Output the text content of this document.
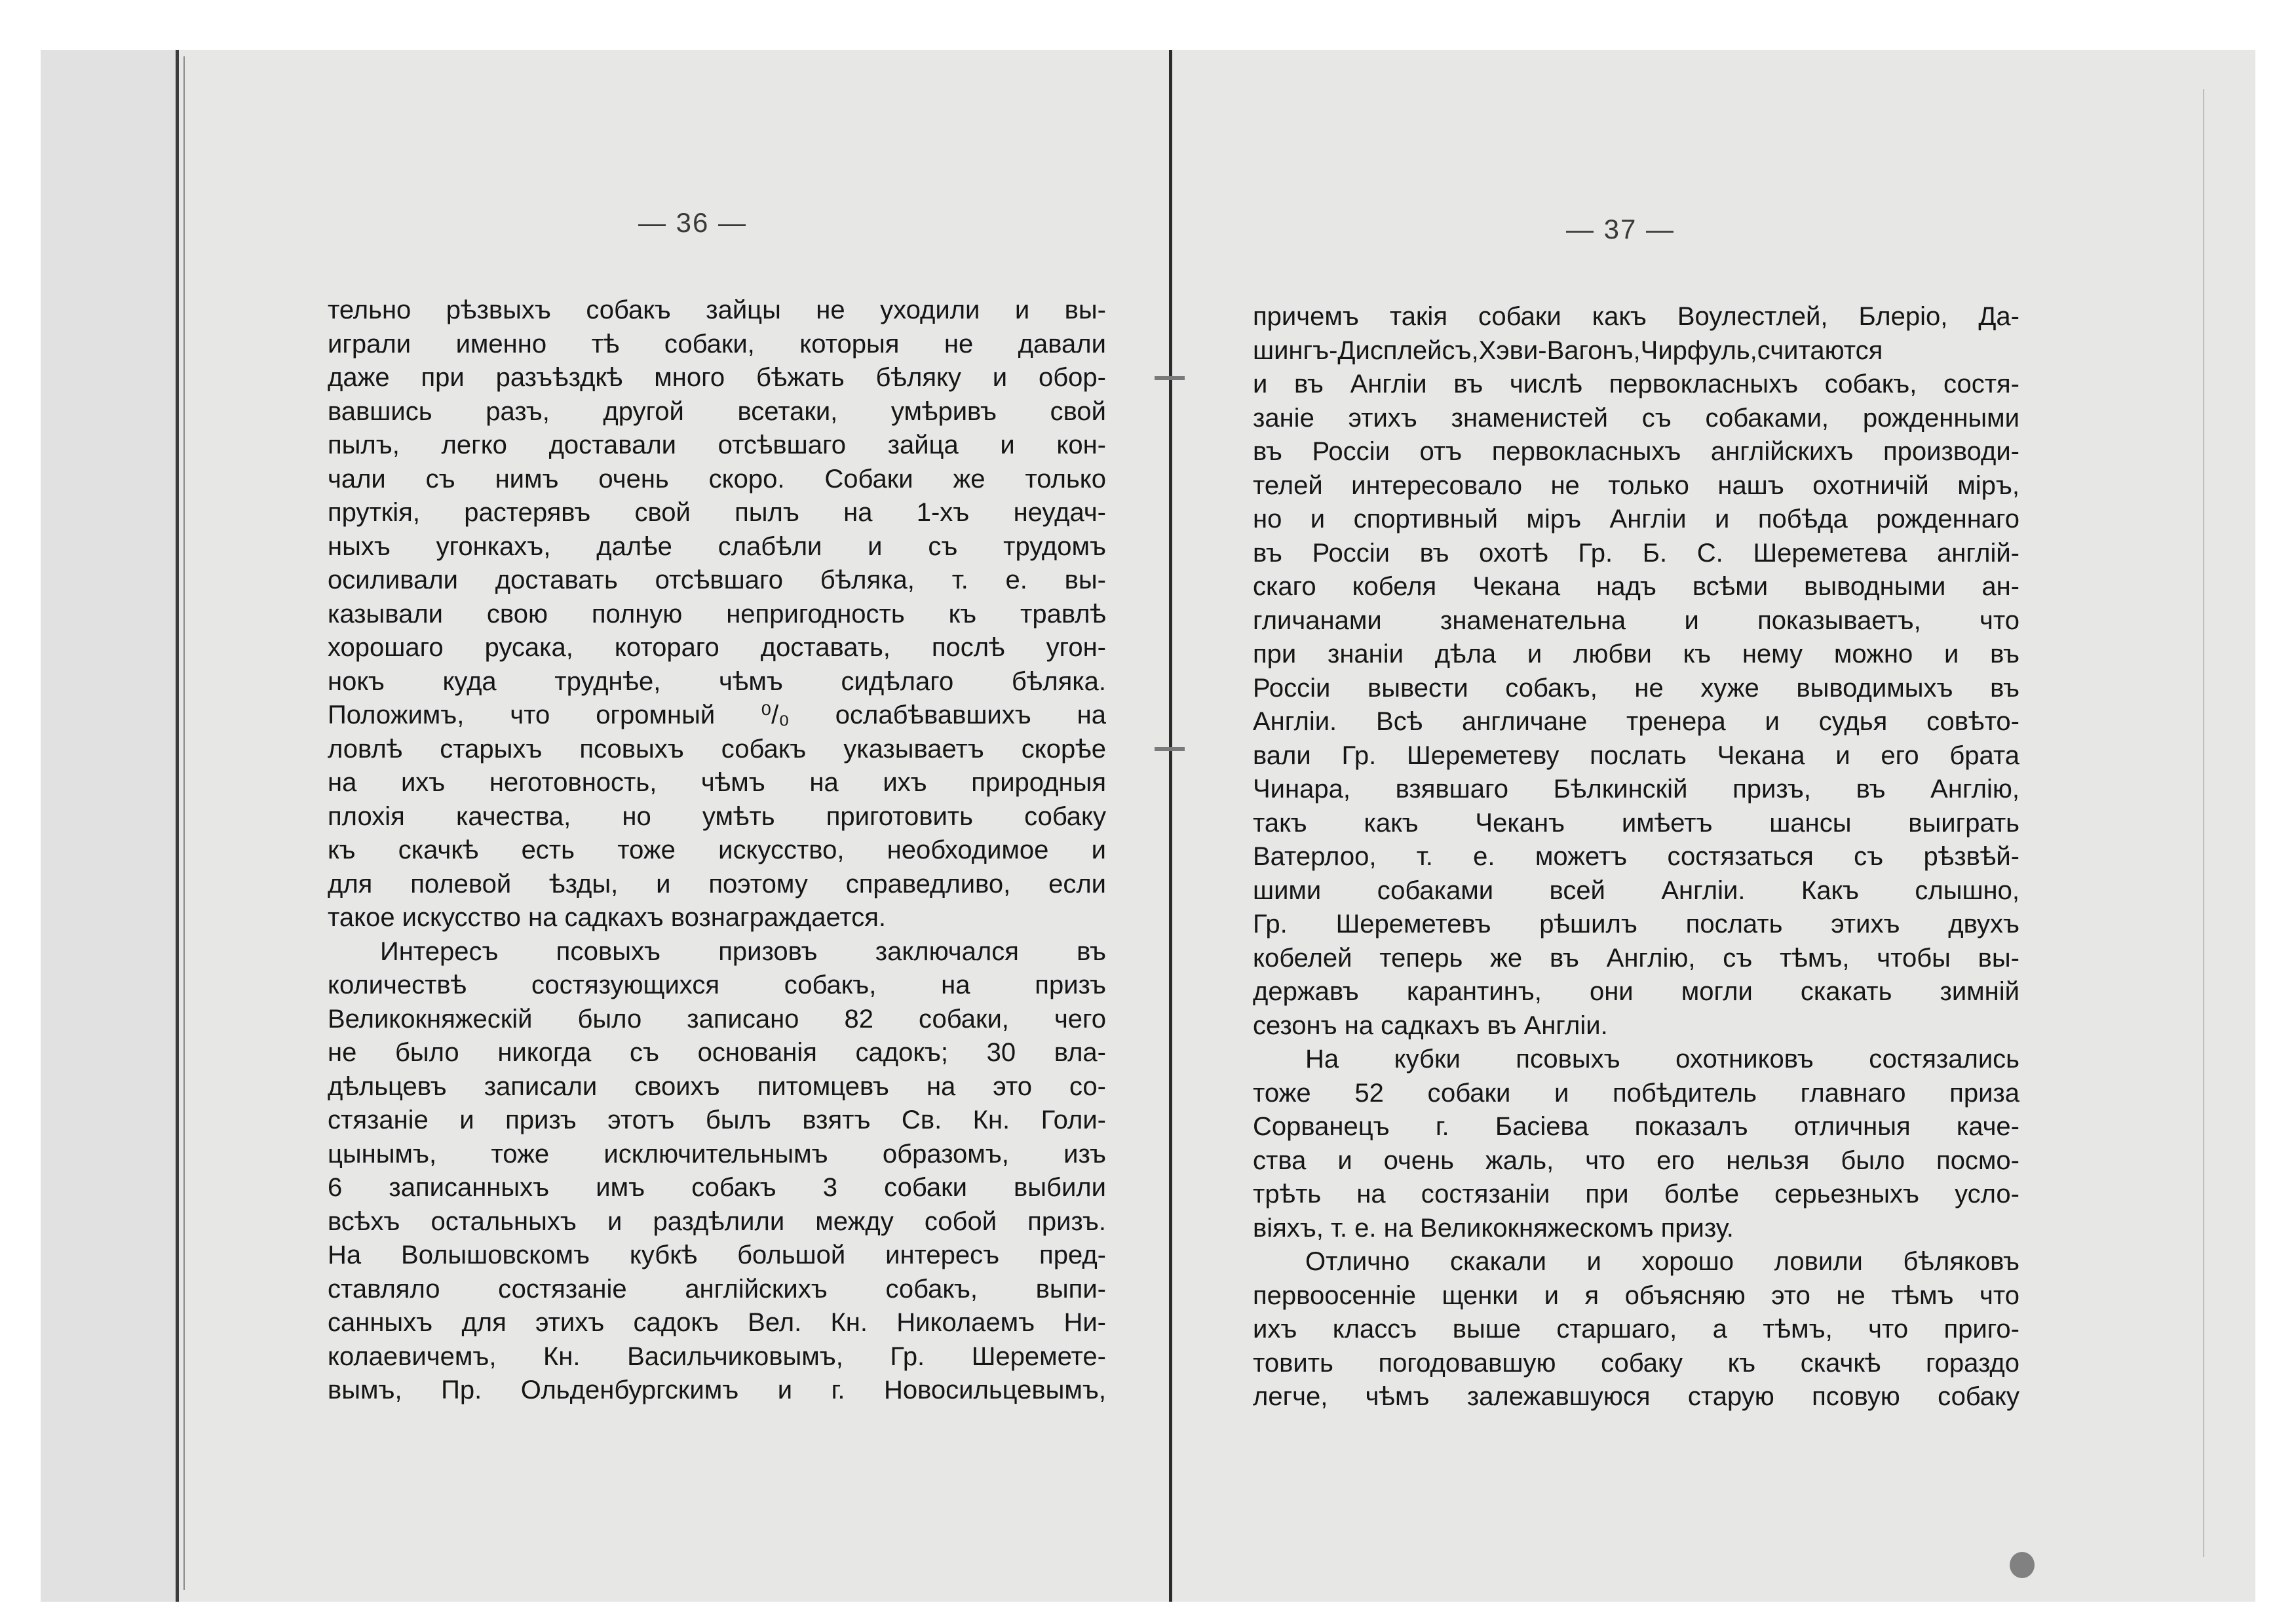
— 36 —
тельно рѣзвыхъ собакъ зайцы не уходили и вы-
играли именно тѣ собаки, которыя не давали
даже при разъѣздкѣ много бѣжать бѣляку и обор-
вавшись разъ, другой всетаки, умѣривъ свой
пылъ, легко доставали отсѣвшаго зайца и кон-
чали съ нимъ очень скоро. Собаки же только
пруткія, растерявъ свой пылъ на 1-хъ неудач-
ныхъ угонкахъ, далѣе слабѣли и съ трудомъ
осиливали доставать отсѣвшаго бѣляка, т. е. вы-
казывали свою полную непригодность къ травлѣ
хорошаго русака, котораго доставать, послѣ угон-
нокъ куда труднѣе, чѣмъ сидѣлаго бѣляка.
Положимъ, что огромный ⁰/₀ ослабѣвавшихъ на
ловлѣ старыхъ псовыхъ собакъ указываетъ скорѣе
на ихъ неготовность, чѣмъ на ихъ природныя
плохія качества, но умѣть приготовить собаку
къ скачкѣ есть тоже искусство, необходимое и
для полевой ѣзды, и поэтому справедливо, если
такое искусство на садкахъ вознаграждается.
Интересъ псовыхъ призовъ заключался въ
количествѣ состязующихся собакъ, на призъ
Великокняжескій было записано 82 собаки, чего
не было никогда съ основанія садокъ; 30 вла-
дѣльцевъ записали своихъ питомцевъ на это со-
стязаніе и призъ этотъ былъ взятъ Св. Кн. Голи-
цынымъ, тоже исключительнымъ образомъ, изъ
6 записанныхъ имъ собакъ 3 собаки выбили
всѣхъ остальныхъ и раздѣлили между собой призъ.
На Волышовскомъ кубкѣ большой интересъ пред-
ставляло состязаніе англійскихъ собакъ, выпи-
санныхъ для этихъ садокъ Вел. Кн. Николаемъ Ни-
колаевичемъ, Кн. Васильчиковымъ, Гр. Шеремете-
вымъ, Пр. Ольденбургскимъ и г. Новосильцевымъ,
— 37 —
причемъ такія собаки какъ Воулестлей, Блеріо, Да-
шингъ-Дисплейсъ,Хэви-Вагонъ,Чирфуль,считаются
и въ Англіи въ числѣ первокласныхъ собакъ, состя-
заніе этихъ знаменистей съ собаками, рожденными
въ Россіи отъ первокласныхъ англійскихъ производи-
телей интересовало не только нашъ охотничій міръ,
но и спортивный міръ Англіи и побѣда рожденнаго
въ Россіи въ охотѣ Гр. Б. С. Шереметева англій-
скаго кобеля Чекана надъ всѣми выводными ан-
гличанами знаменательна и показываетъ, что
при знаніи дѣла и любви къ нему можно и въ
Россіи вывести собакъ, не хуже выводимыхъ въ
Англіи. Всѣ англичане тренера и судья совѣто-
вали Гр. Шереметеву послать Чекана и его брата
Чинара, взявшаго Бѣлкинскій призъ, въ Англію,
такъ какъ Чеканъ имѣетъ шансы выиграть
Ватерлоо, т. е. можетъ состязаться съ рѣзвѣй-
шими собаками всей Англіи. Какъ слышно,
Гр. Шереметевъ рѣшилъ послать этихъ двухъ
кобелей теперь же въ Англію, съ тѣмъ, чтобы вы-
державъ карантинъ, они могли скакать зимній
сезонъ на садкахъ въ Англіи.
На кубки псовыхъ охотниковъ состязались
тоже 52 собаки и побѣдитель главнаго приза
Сорванецъ г. Басіева показалъ отличныя каче-
ства и очень жаль, что его нельзя было посмо-
трѣть на состязаніи при болѣе серьезныхъ усло-
віяхъ, т. е. на Великокняжескомъ призу.
Отлично скакали и хорошо ловили бѣляковъ
первоосенніе щенки и я объясняю это не тѣмъ что
ихъ классъ выше старшаго, а тѣмъ, что приго-
товить погодовавшую собаку къ скачкѣ гораздо
легче, чѣмъ залежавшуюся старую псовую собаку
